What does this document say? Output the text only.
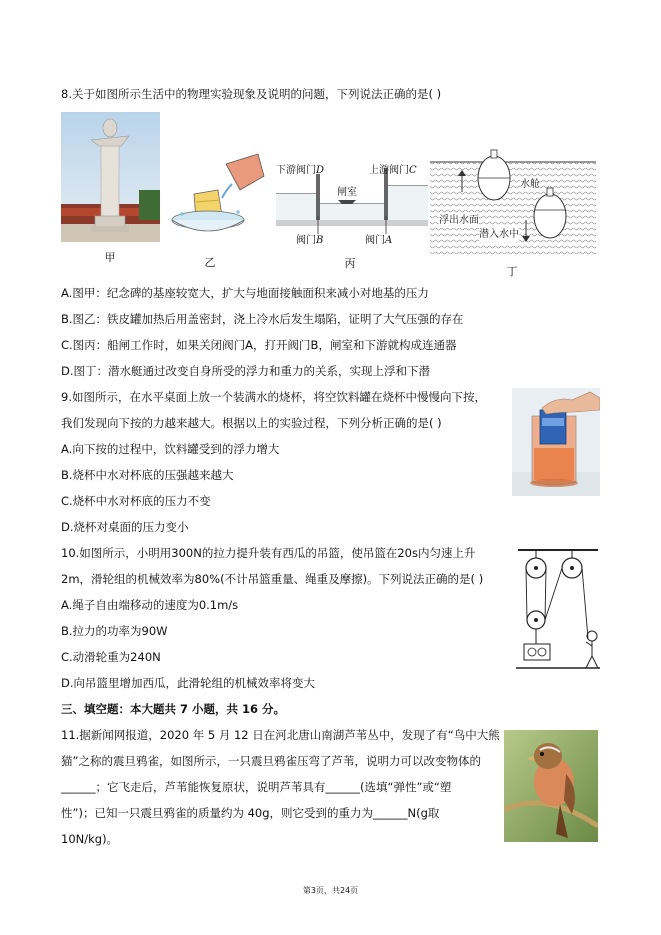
8.关于如图所示生活中的物理实验现象及说明的问题，下列说法正确的是( )
甲	乙
下游阀门D	上游阀门C
闸室
阀门B	阀门A
丙
水舱
浮出水面
潜入水中
丁
A.图甲：纪念碑的基座较宽大，扩大与地面接触面积来减小对地基的压力
B.图乙：铁皮罐加热后用盖密封，浇上冷水后发生塌陷，证明了大气压强的存在
C.图丙：船闸工作时，如果关闭阀门A，打开阀门B，闸室和下游就构成连通器
D.图丁：潜水艇通过改变自身所受的浮力和重力的关系，实现上浮和下潜
9.如图所示，在水平桌面上放一个装满水的烧杯，将空饮料罐在烧杯中慢慢向下按，
我们发现向下按的力越来越大。根据以上的实验过程，下列分析正确的是( )
A.向下按的过程中，饮料罐受到的浮力增大
B.烧杯中水对杯底的压强越来越大
C.烧杯中水对杯底的压力不变
D.烧杯对桌面的压力变小
10.如图所示，小明用300N的拉力提升装有西瓜的吊篮，使吊篮在20s内匀速上升
2m，滑轮组的机械效率为80%(不计吊篮重量、绳重及摩擦)。下列说法正确的是( )
A.绳子自由端移动的速度为0.1m/s
B.拉力的功率为90W
C.动滑轮重为240N
D.向吊篮里增加西瓜，此滑轮组的机械效率将变大
三、填空题：本大题共 7 小题，共 16 分。
11.据新闻网报道，2020 年 5 月 12 日在河北唐山南湖芦苇丛中，发现了有“鸟中大熊
猫”之称的震旦鸦雀，如图所示，一只震旦鸦雀压弯了芦苇，说明力可以改变物体的
______；它飞走后，芦苇能恢复原状，说明芦苇具有______(选填“弹性”或“塑
性”)；已知一只震旦鸦雀的质量约为 40g，则它受到的重力为______N(g取
10N/kg)。
第3页，共24页
